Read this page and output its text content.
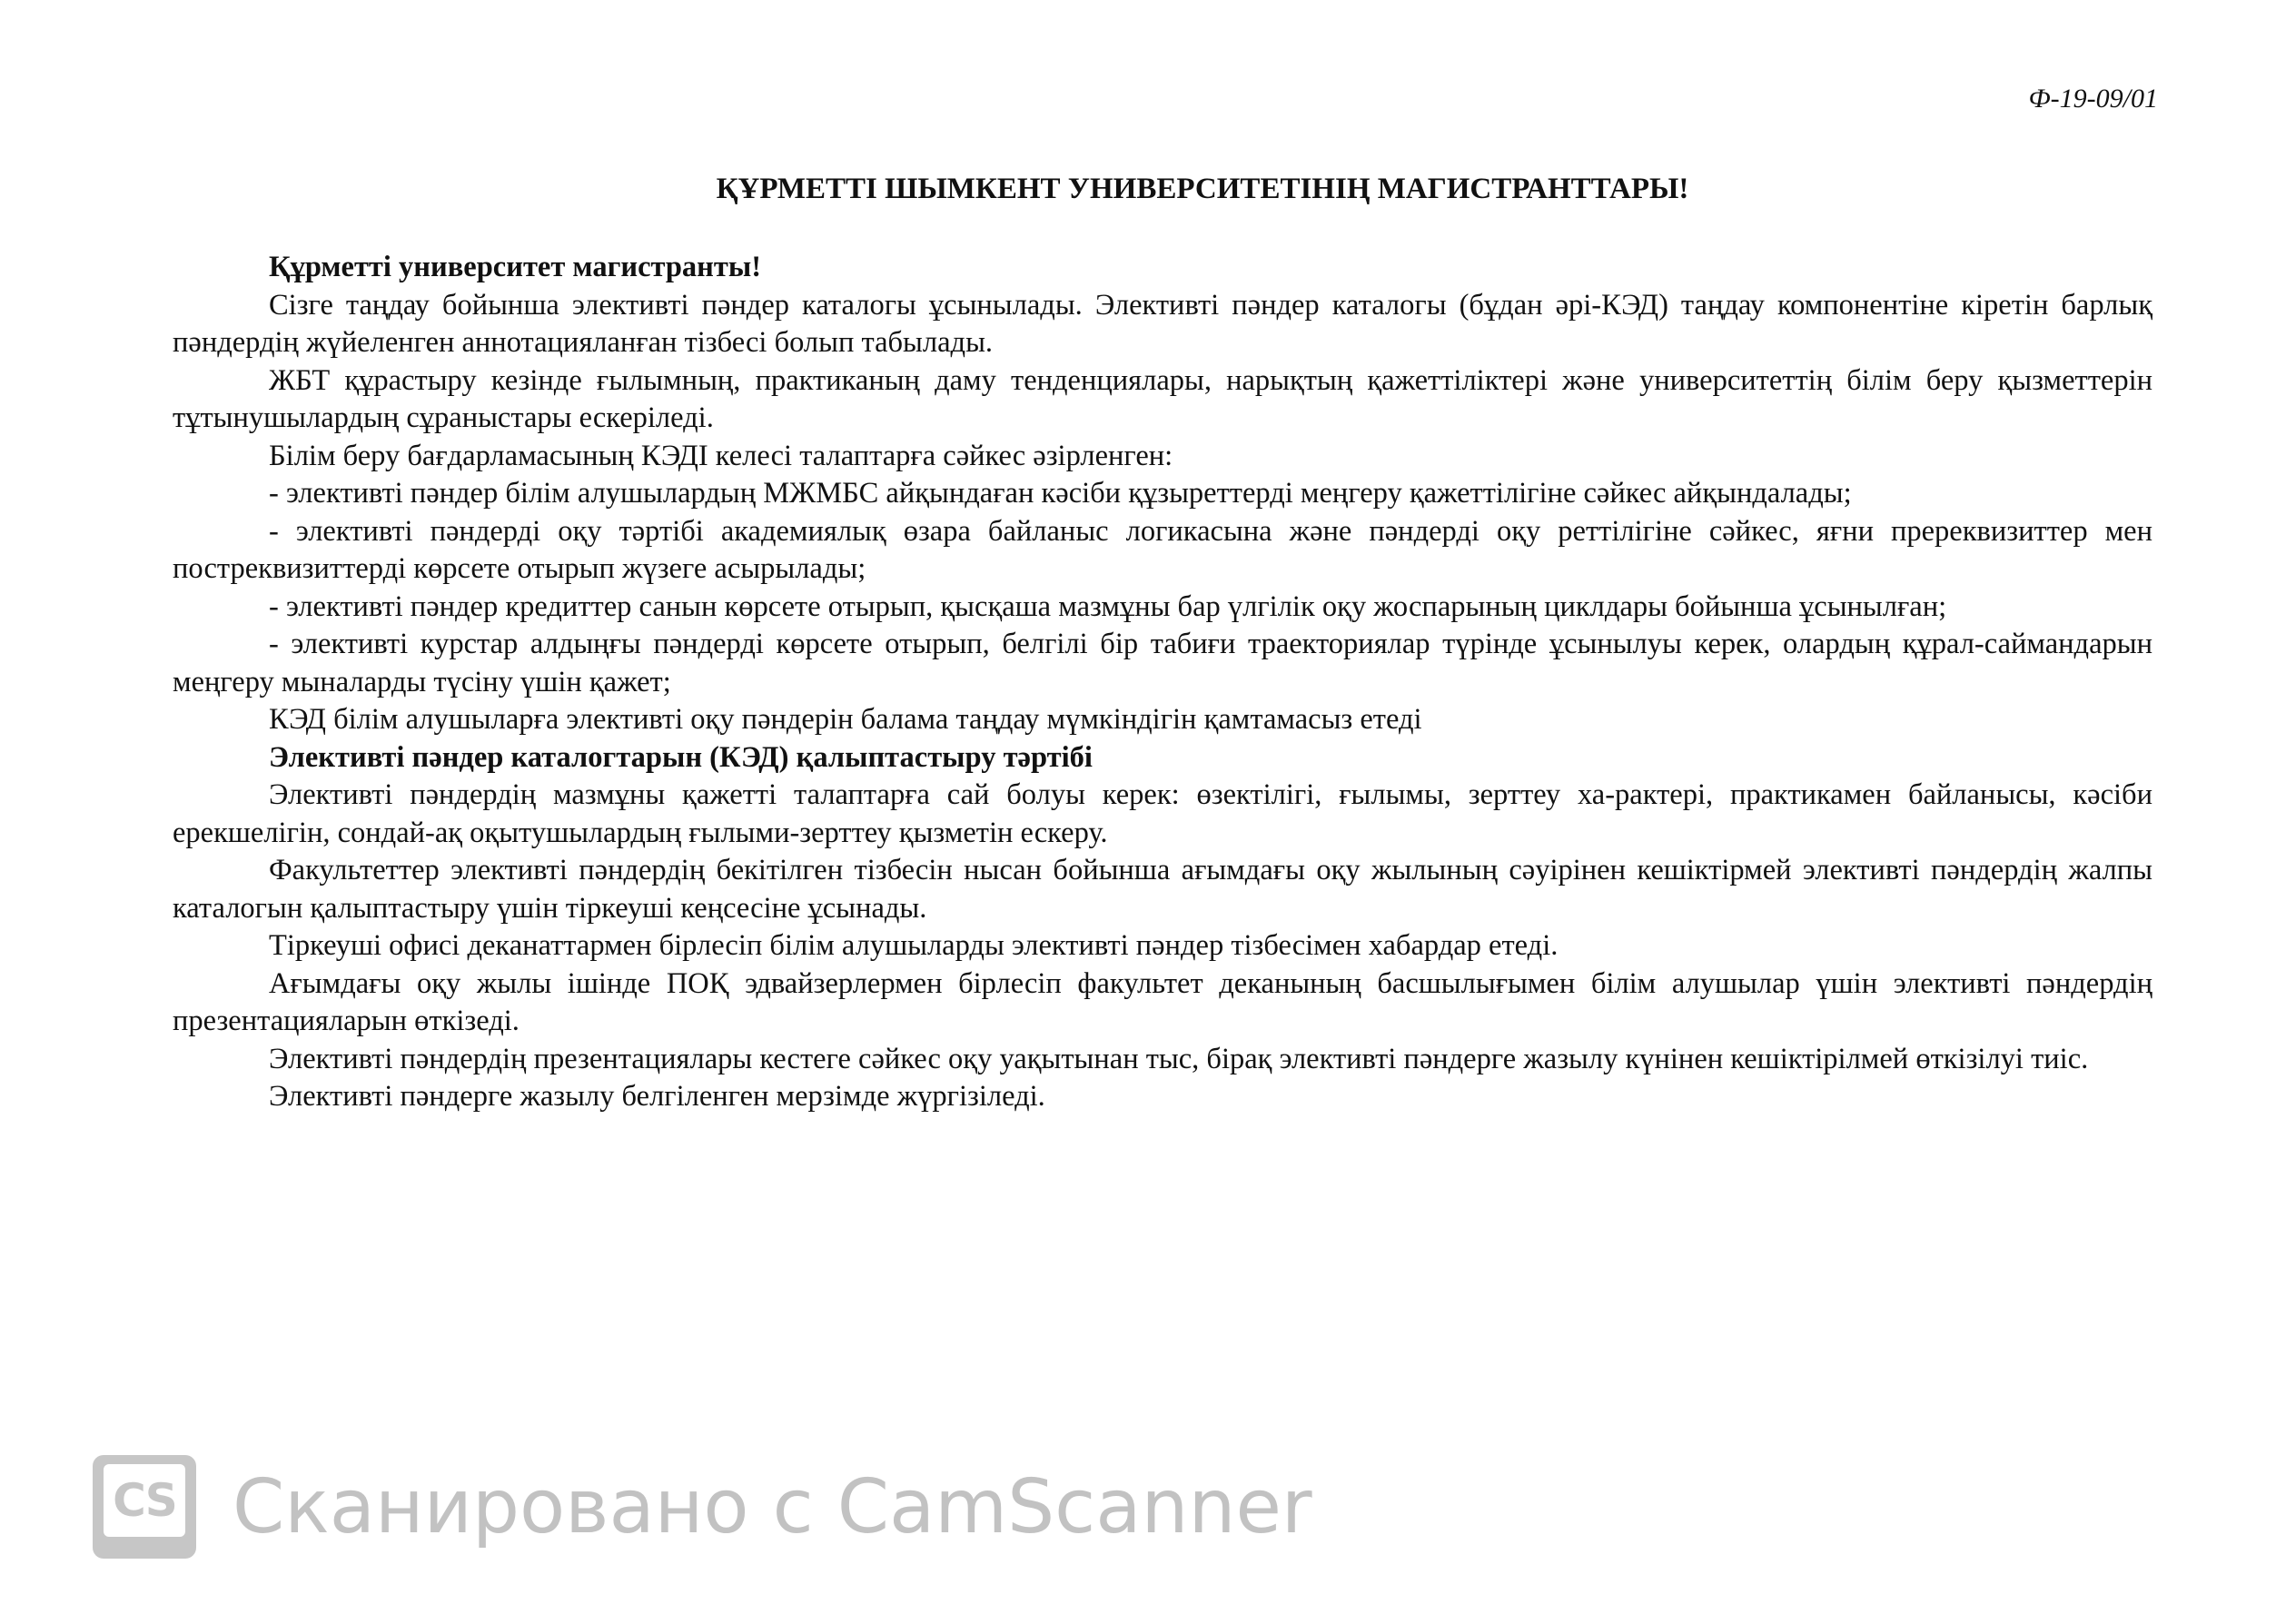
Ф-19-09/01
ҚҰРМЕТТІ ШЫМКЕНТ УНИВЕРСИТЕТІНІҢ МАГИСТРАНТТАРЫ!

Құрметті университет магистранты!

Сізге таңдау бойынша элективті пәндер каталогы ұсынылады. Элективті пәндер каталогы (бұдан әрі-КЭД) таңдау компонентіне кіретін барлық пәндердің жүйеленген аннотацияланған тізбесі болып табылады.

ЖБТ құрастыру кезінде ғылымның, практиканың даму тенденциялары, нарықтың қажеттіліктері және университеттің білім беру қызметтерін тұтынушылардың сұраныстары ескеріледі.

Білім беру бағдарламасының КЭДІ келесі талаптарға сәйкес әзірленген:

- элективті пәндер білім алушылардың МЖМБС айқындаған кәсіби құзыреттерді меңгеру қажеттілігіне сәйкес айқындалады;

- элективті пәндерді оқу тәртібі академиялық өзара байланыс логикасына және пәндерді оқу реттілігіне сәйкес, яғни пререквизиттер мен постреквизиттерді көрсете отырып жүзеге асырылады;

- элективті пәндер кредиттер санын көрсете отырып, қысқаша мазмұны бар үлгілік оқу жоспарының циклдары бойынша ұсынылған;

- элективті курстар алдыңғы пәндерді көрсете отырып, белгілі бір табиғи траекториялар түрінде ұсынылуы керек, олардың құрал-саймандарын меңгеру мыналарды түсіну үшін қажет;

КЭД білім алушыларға элективті оқу пәндерін балама таңдау мүмкіндігін қамтамасыз етеді

Элективті пәндер каталогтарын (КЭД) қалыптастыру тәртібі

Элективті пәндердің мазмұны қажетті талаптарға сай болуы керек: өзектілігі, ғылымы, зерттеу ха-рактері, практикамен байланысы, кәсіби ерекшелігін, сондай-ақ оқытушылардың ғылыми-зерттеу қызметін ескеру.

Факультеттер элективті пәндердің бекітілген тізбесін нысан бойынша ағымдағы оқу жылының сәуірінен кешіктірмей элективті пәндердің жалпы каталогын қалыптастыру үшін тіркеуші кеңсесіне ұсынады.

Тіркеуші офисі деканаттармен бірлесіп білім алушыларды элективті пәндер тізбесімен хабардар етеді.

Ағымдағы оқу жылы ішінде ПОҚ эдвайзерлермен бірлесіп факультет деканының басшылығымен білім алушылар үшін элективті пәндердің презентацияларын өткізеді.

Элективті пәндердің презентациялары кестеге сәйкес оқу уақытынан тыс, бірақ элективті пәндерге жазылу күнінен кешіктірілмей өткізілуі тиіс.

Элективті пәндерге жазылу белгіленген мерзімде жүргізіледі.

CS Сканировано с CamScanner
